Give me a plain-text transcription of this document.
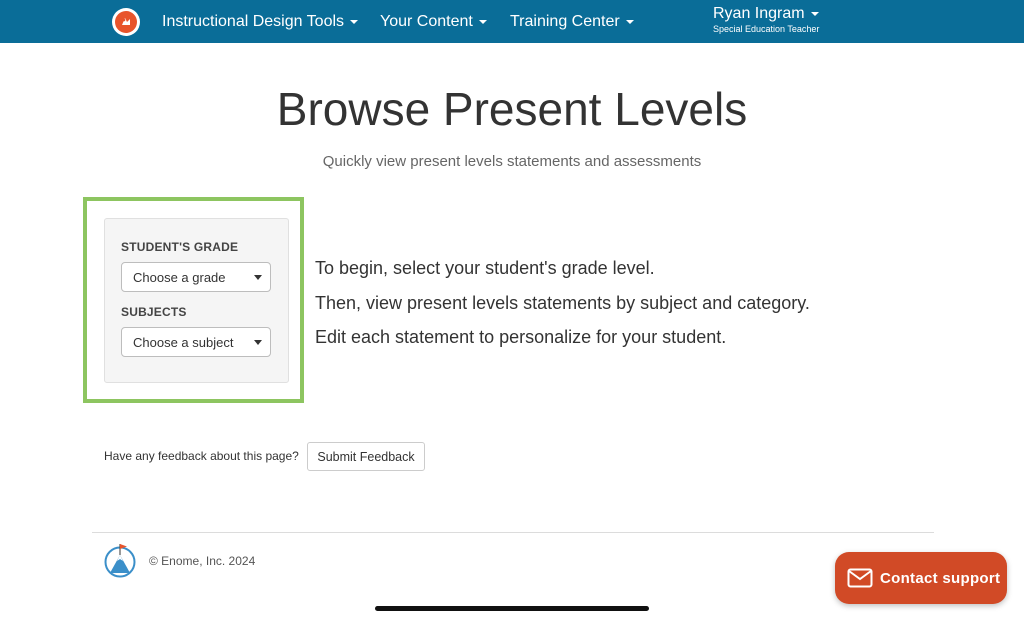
Instructional Design Tools Your Content Training Center	Ryan Ingram
Special Education Teacher
Browse Present Levels
Quickly view present levels statements and assessments
STUDENT'S GRADE
Choose a grade
SUBJECTS
Choose a subject

To begin, select your student's grade level.

Then, view present levels statements by subject and category.

Edit each statement to personalize for your student.

Have any feedback about this page?	Submit Feedback
© Enome, Inc. 2024
Contact support
